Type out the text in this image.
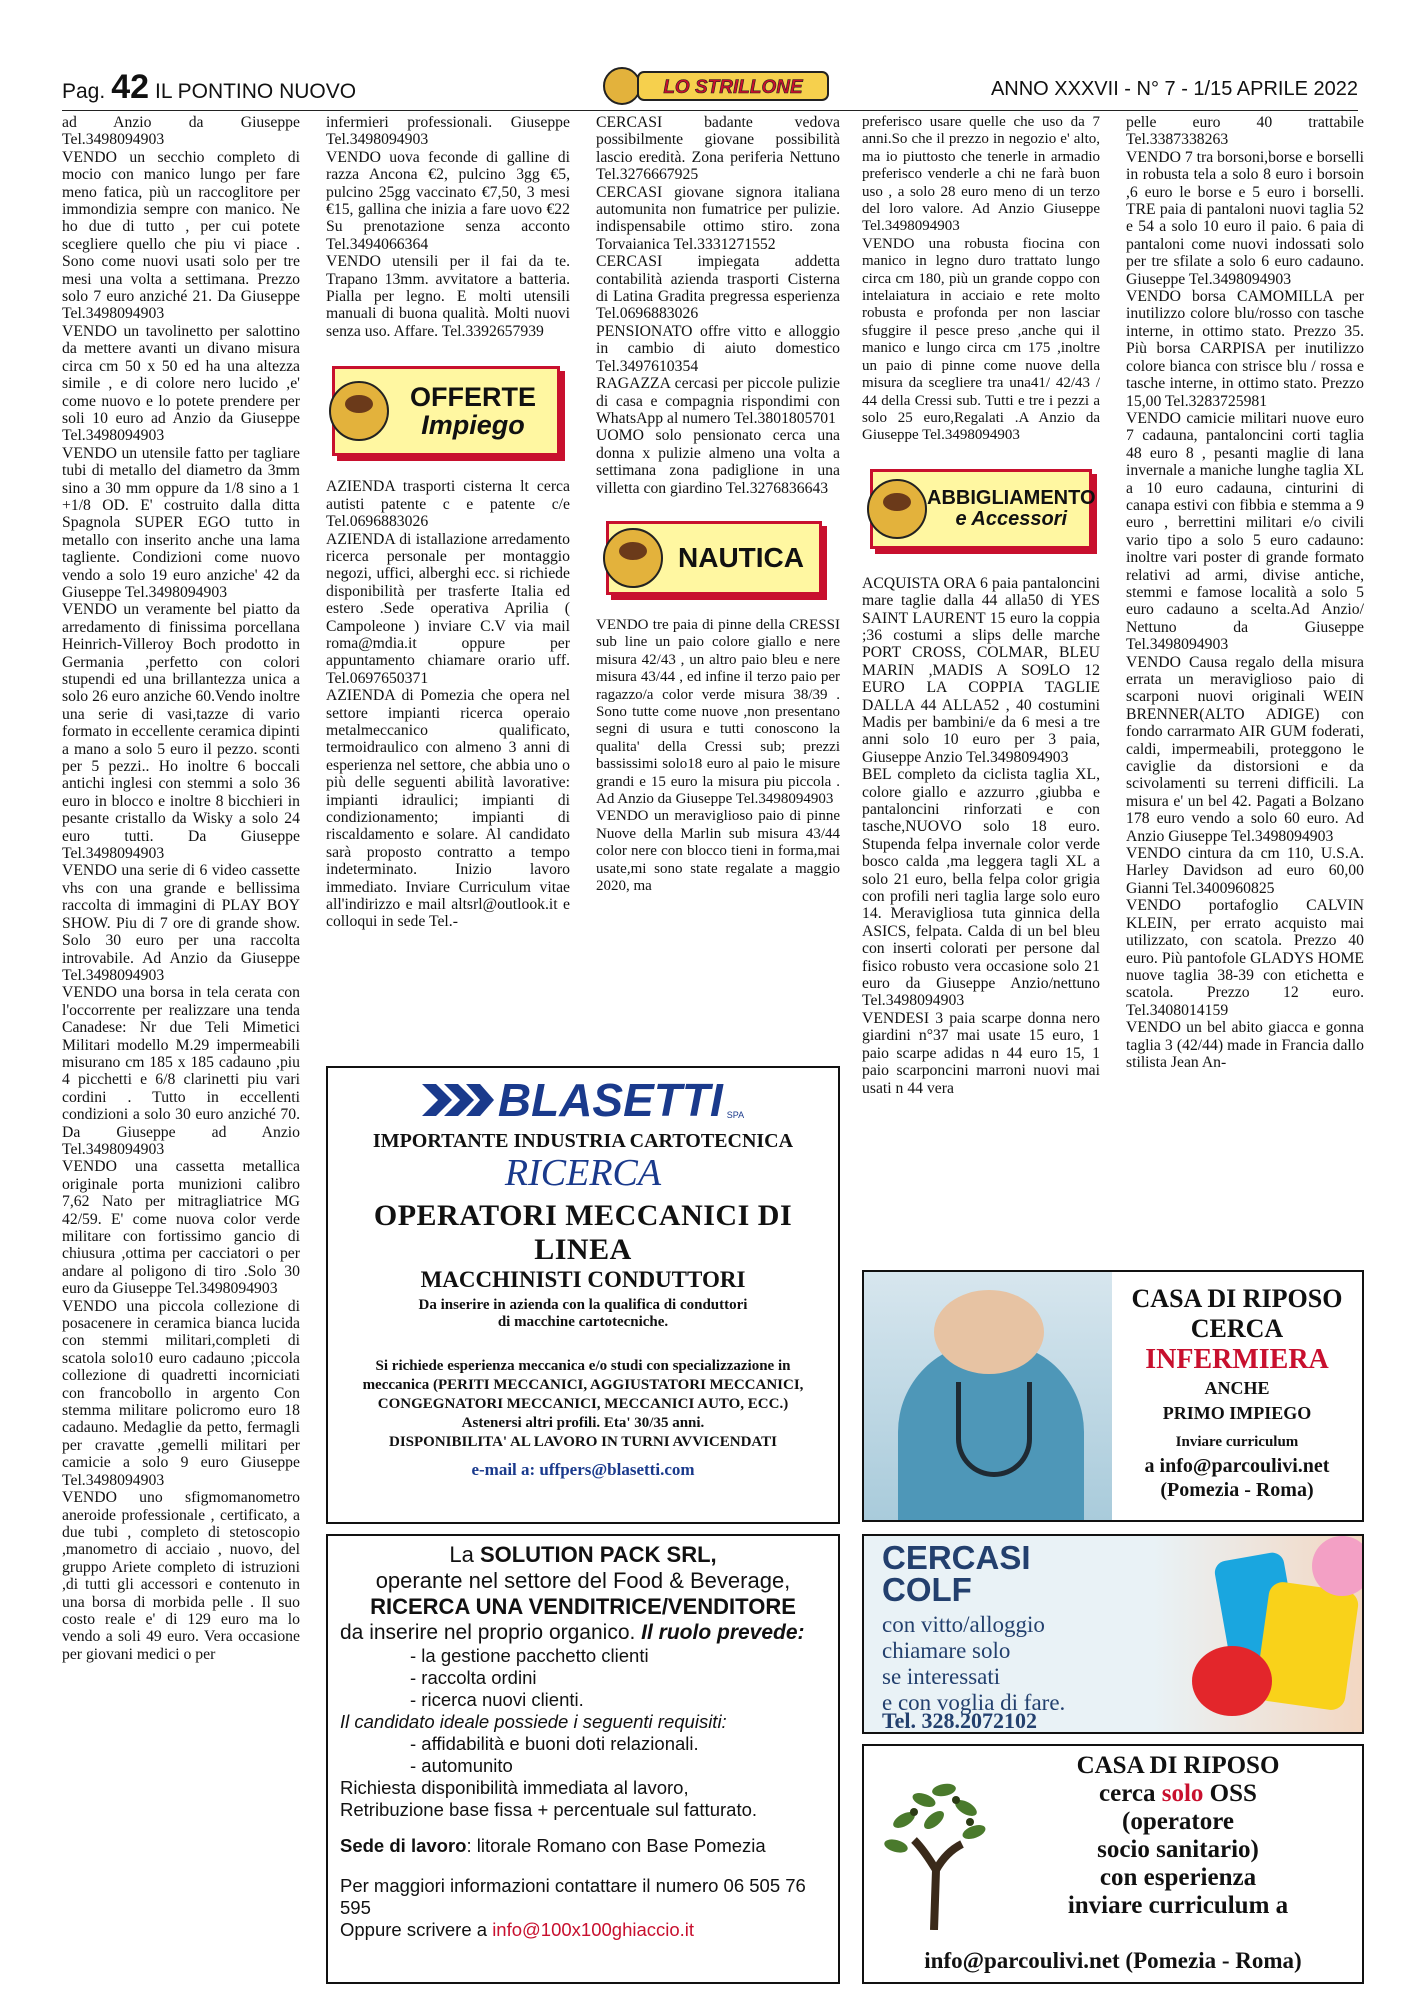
Pag. 42 IL PONTINO NUOVO	LO STRILLONE	ANNO XXXVII - N° 7 - 1/15 APRILE 2022

ad Anzio da Giuseppe Tel.3498094903

VENDO un secchio completo di mocio con manico lungo per fare meno fatica, più un raccoglitore per immondizia sempre con manico. Ne ho due di tutto , per cui potete scegliere quello che piu vi piace . Sono come nuovi usati solo per tre mesi una volta a settimana. Prezzo solo 7 euro anziché 21. Da Giuseppe Tel.3498094903

VENDO un tavolinetto per salottino da mettere avanti un divano misura circa cm 50 x 50 ed ha una altezza simile , e di colore nero lucido ,e' come nuovo e lo potete prendere per soli 10 euro ad Anzio da Giuseppe Tel.3498094903

VENDO un utensile fatto per tagliare tubi di metallo del diametro da 3mm sino a 30 mm oppure da 1/8 sino a 1 +1/8 OD. E' costruito dalla ditta Spagnola SUPER EGO tutto in metallo con inserito anche una lama tagliente. Condizioni come nuovo vendo a solo 19 euro anziche' 42 da Giuseppe Tel.3498094903

VENDO un veramente bel piatto da arredamento di finissima porcellana Heinrich-Villeroy Boch prodotto in Germania ,perfetto con colori stupendi ed una brillantezza unica a solo 26 euro anziche 60.Vendo inoltre una serie di vasi,tazze di vario formato in eccellente ceramica dipinti a mano a solo 5 euro il pezzo. sconti per 5 pezzi.. Ho inoltre 6 boccali antichi inglesi con stemmi a solo 36 euro in blocco e inoltre 8 bicchieri in pesante cristallo da Wisky a solo 24 euro tutti. Da Giuseppe Tel.3498094903

VENDO una serie di 6 video cassette vhs con una grande e bellissima raccolta di immagini di PLAY BOY SHOW. Piu di 7 ore di grande show. Solo 30 euro per una raccolta introvabile. Ad Anzio da Giuseppe Tel.3498094903

VENDO una borsa in tela cerata con l'occorrente per realizzare una tenda Canadese: Nr due Teli Mimetici Militari modello M.29 impermeabili misurano cm 185 x 185 cadauno ,piu 4 picchetti e 6/8 clarinetti piu vari cordini . Tutto in eccellenti condizioni a solo 30 euro anziché 70. Da Giuseppe ad Anzio Tel.3498094903

VENDO una cassetta metallica originale porta munizioni calibro 7,62 Nato per mitragliatrice MG 42/59. E' come nuova color verde militare con fortissimo gancio di chiusura ,ottima per cacciatori o per andare al poligono di tiro .Solo 30 euro da Giuseppe Tel.3498094903

VENDO una piccola collezione di posacenere in ceramica bianca lucida con stemmi militari,completi di scatola solo10 euro cadauno ;piccola collezione di quadretti incorniciati con francobollo in argento Con stemma militare policromo euro 18 cadauno. Medaglie da petto, fermagli per cravatte ,gemelli militari per camicie a solo 9 euro Giuseppe Tel.3498094903

VENDO uno sfigmomanometro aneroide professionale , certificato, a due tubi , completo di stetoscopio ,manometro di acciaio , nuovo, del gruppo Ariete completo di istruzioni ,di tutti gli accessori e contenuto in una borsa di morbida pelle . Il suo costo reale e' di 129 euro ma lo vendo a soli 49 euro. Vera occasione per giovani medici o per

infermieri professionali. Giuseppe Tel.3498094903

VENDO uova feconde di galline di razza Ancona €2, pulcino 3gg €5, pulcino 25gg vaccinato €7,50, 3 mesi €15, gallina che inizia a fare uovo €22 Su prenotazione senza acconto Tel.3494066364

VENDO utensili per il fai da te. Trapano 13mm. avvitatore a batteria. Pialla per legno. E molti utensili manuali di buona qualità. Molti nuovi senza uso. Affare. Tel.3392657939

OFFERTE
Impiego

AZIENDA trasporti cisterna lt cerca autisti patente c e patente c/e Tel.0696883026

AZIENDA di istallazione arredamento ricerca personale per montaggio negozi, uffici, alberghi ecc. si richiede disponibilità per trasferte Italia ed estero .Sede operativa Aprilia ( Campoleone ) inviare C.V via mail roma@mdia.it oppure per appuntamento chiamare orario uff. Tel.0697650371

AZIENDA di Pomezia che opera nel settore impianti ricerca operaio metalmeccanico qualificato, termoidraulico con almeno 3 anni di esperienza nel settore, che abbia uno o più delle seguenti abilità lavorative: impianti idraulici; impianti di condizionamento; impianti di riscaldamento e solare. Al candidato sarà proposto contratto a tempo indeterminato. Inizio lavoro immediato. Inviare Curriculum vitae all'indirizzo e mail altsrl@outlook.it e colloqui in sede Tel.-

CERCASI badante vedova possibilmente giovane possibilità lascio eredità. Zona periferia Nettuno Tel.3276667925

CERCASI giovane signora italiana automunita non fumatrice per pulizie. indispensabile ottimo stiro. zona Torvaianica Tel.3331271552

CERCASI impiegata addetta contabilità azienda trasporti Cisterna di Latina Gradita pregressa esperienza Tel.0696883026

PENSIONATO offre vitto e alloggio in cambio di aiuto domestico Tel.3497610354

RAGAZZA cercasi per piccole pulizie di casa e compagnia rispondimi con WhatsApp al numero Tel.3801805701

UOMO solo pensionato cerca una donna x pulizie almeno una volta a settimana zona padiglione in una villetta con giardino Tel.3276836643

NAUTICA

VENDO tre paia di pinne della CRESSI sub line un paio colore giallo e nere misura 42/43 , un altro paio bleu e nere misura 43/44 , ed infine il terzo paio per ragazzo/a color verde misura 38/39 . Sono tutte come nuove ,non presentano segni di usura e tutti conoscono la qualita' della Cressi sub; prezzi bassissimi solo18 euro al paio le misure grandi e 15 euro la misura piu piccola . Ad Anzio da Giuseppe Tel.3498094903

VENDO un meraviglioso paio di pinne Nuove della Marlin sub misura 43/44 color nere con blocco tieni in forma,mai usate,mi sono state regalate a maggio 2020, ma

preferisco usare quelle che uso da 7 anni.So che il prezzo in negozio e' alto, ma io piuttosto che tenerle in armadio preferisco venderle a chi ne farà buon uso , a solo 28 euro meno di un terzo del loro valore. Ad Anzio Giuseppe Tel.3498094903

VENDO una robusta fiocina con manico in legno duro trattato lungo circa cm 180, più un grande coppo con intelaiatura in acciaio e rete molto robusta e profonda per non lasciar sfuggire il pesce preso ,anche qui il manico e lungo circa cm 175 ,inoltre un paio di pinne come nuove della misura da scegliere tra una41/ 42/43 / 44 della Cressi sub. Tutti e tre i pezzi a solo 25 euro,Regalati .A Anzio da Giuseppe Tel.3498094903

ABBIGLIAMENTO
e Accessori

ACQUISTA ORA 6 paia pantaloncini mare taglie dalla 44 alla50 di YES SAINT LAURENT 15 euro la coppia ;36 costumi a slips delle marche PORT CROSS, COLMAR, BLEU MARIN ,MADIS A SO9LO 12 EURO LA COPPIA TAGLIE DALLA 44 ALLA52 , 40 costumini Madis per bambini/e da 6 mesi a tre anni solo 10 euro per 3 paia, Giuseppe Anzio Tel.3498094903

BEL completo da ciclista taglia XL, colore giallo e azzurro ,giubba e pantaloncini rinforzati e con tasche,NUOVO solo 18 euro. Stupenda felpa invernale color verde bosco calda ,ma leggera tagli XL a solo 21 euro, bella felpa color grigia con profili neri taglia large solo euro 14. Meravigliosa tuta ginnica della ASICS, felpata. Calda di un bel bleu con inserti colorati per persone dal fisico robusto vera occasione solo 21 euro da Giuseppe Anzio/nettuno Tel.3498094903

VENDESI 3 paia scarpe donna nero giardini n°37 mai usate 15 euro, 1 paio scarpe adidas n 44 euro 15, 1 paio scarponcini marroni nuovi mai usati n 44 vera

pelle euro 40 trattabile Tel.3387338263

VENDO 7 tra borsoni,borse e borselli in robusta tela a solo 8 euro i borsoin ,6 euro le borse e 5 euro i borselli. TRE paia di pantaloni nuovi taglia 52 e 54 a solo 10 euro il paio. 6 paia di pantaloni come nuovi indossati solo per tre sfilate a solo 6 euro cadauno. Giuseppe Tel.3498094903

VENDO borsa CAMOMILLA per inutilizzo colore blu/rosso con tasche interne, in ottimo stato. Prezzo 35. Più borsa CARPISA per inutilizzo colore bianca con strisce blu / rossa e tasche interne, in ottimo stato. Prezzo 15,00 Tel.3283725981

VENDO camicie militari nuove euro 7 cadauna, pantaloncini corti taglia 48 euro 8 , pesanti maglie di lana invernale a maniche lunghe taglia XL a 10 euro cadauna, cinturini di canapa estivi con fibbia e stemma a 9 euro , berrettini militari e/o civili vario tipo a solo 5 euro cadauno: inoltre vari poster di grande formato relativi ad armi, divise antiche, stemmi e famose località a solo 5 euro cadauno a scelta.Ad Anzio/ Nettuno da Giuseppe Tel.3498094903

VENDO Causa regalo della misura errata un meraviglioso paio di scarponi nuovi originali WEIN BRENNER(ALTO ADIGE) con fondo carrarmato AIR GUM foderati, caldi, impermeabili, proteggono le caviglie da distorsioni e da scivolamenti su terreni difficili. La misura e' un bel 42. Pagati a Bolzano 178 euro vendo a solo 60 euro. Ad Anzio Giuseppe Tel.3498094903

VENDO cintura da cm 110, U.S.A. Harley Davidson ad euro 60,00 Gianni Tel.3400960825

VENDO portafoglio CALVIN KLEIN, per errato acquisto mai utilizzato, con scatola. Prezzo 40 euro. Più pantofole GLADYS HOME nuove taglia 38-39 con etichetta e scatola. Prezzo 12 euro. Tel.3408014159

VENDO un bel abito giacca e gonna taglia 3 (42/44) made in Francia dallo stilista Jean An-

BLASETTI SPA
IMPORTANTE INDUSTRIA CARTOTECNICA
RICERCA
OPERATORI MECCANICI DI LINEA
MACCHINISTI CONDUTTORI
Da inserire in azienda con la qualifica di conduttori
di macchine cartotecniche.
Si richiede esperienza meccanica e/o studi con specializzazione in meccanica (PERITI MECCANICI, AGGIUSTATORI MECCANICI, CONGEGNATORI MECCANICI, MECCANICI AUTO, ECC.)
Astenersi altri profili. Eta' 30/35 anni.
DISPONIBILITA' AL LAVORO IN TURNI AVVICENDATI
e-mail a: uffpers@blasetti.com
La SOLUTION PACK SRL,
operante nel settore del Food & Beverage,
RICERCA UNA VENDITRICE/VENDITORE
da inserire nel proprio organico. Il ruolo prevede:
- la gestione pacchetto clienti
- raccolta ordini
- ricerca nuovi clienti.
Il candidato ideale possiede i seguenti requisiti:
- affidabilità e buoni doti relazionali.
- automunito
Richiesta disponibilità immediata al lavoro,
Retribuzione base fissa + percentuale sul fatturato.
Sede di lavoro: litorale Romano con Base Pomezia
Per maggiori informazioni contattare il numero 06 505 76 595
Oppure scrivere a info@100x100ghiaccio.it
CASA DI RIPOSO
CERCA
INFERMIERA
ANCHE
PRIMO IMPIEGO
Inviare curriculum
a info@parcoulivi.net
(Pomezia - Roma)
CERCASI
COLF
con vitto/alloggio
chiamare solo
se interessati
e con voglia di fare.
Tel. 328.2072102
CASA DI RIPOSO
cerca solo OSS
(operatore
socio sanitario)
con esperienza
inviare curriculum a
info@parcoulivi.net (Pomezia - Roma)
